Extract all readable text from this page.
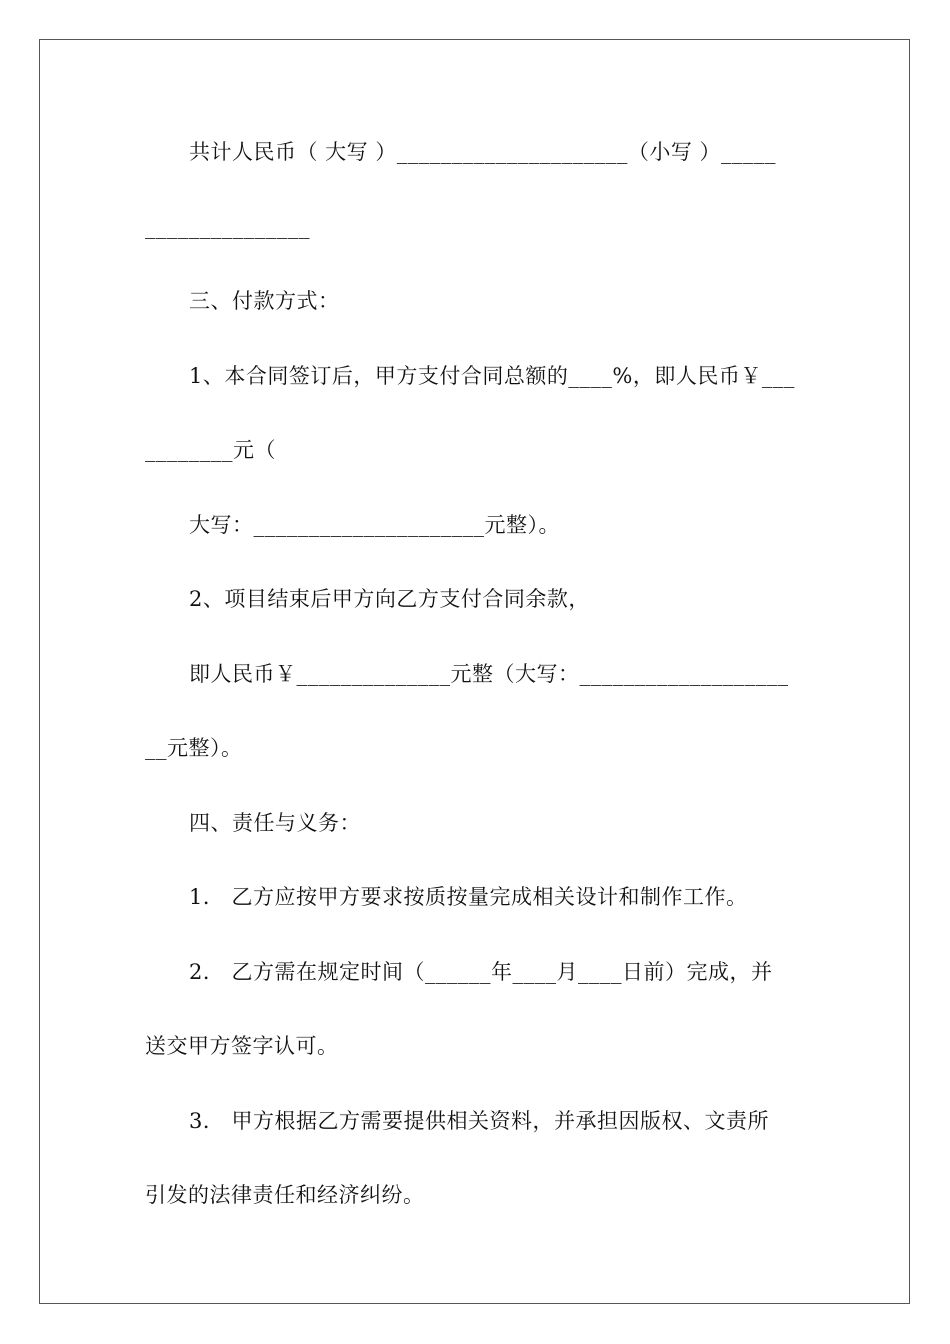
共计人民币（ 大写 ）_____________________（小写 ）_____
_______________
三、付款方式：
1、本合同签订后，甲方支付合同总额的____%，即人民币￥___
________元（
大写：_____________________元整）。
2、项目结束后甲方向乙方支付合同余款，
即人民币￥______________元整（大写：___________________
__元整）。
四、责任与义务：
1． 乙方应按甲方要求按质按量完成相关设计和制作工作。
2． 乙方需在规定时间（______年____月____日前）完成，并
送交甲方签字认可。
3． 甲方根据乙方需要提供相关资料，并承担因版权、文责所
引发的法律责任和经济纠纷。
